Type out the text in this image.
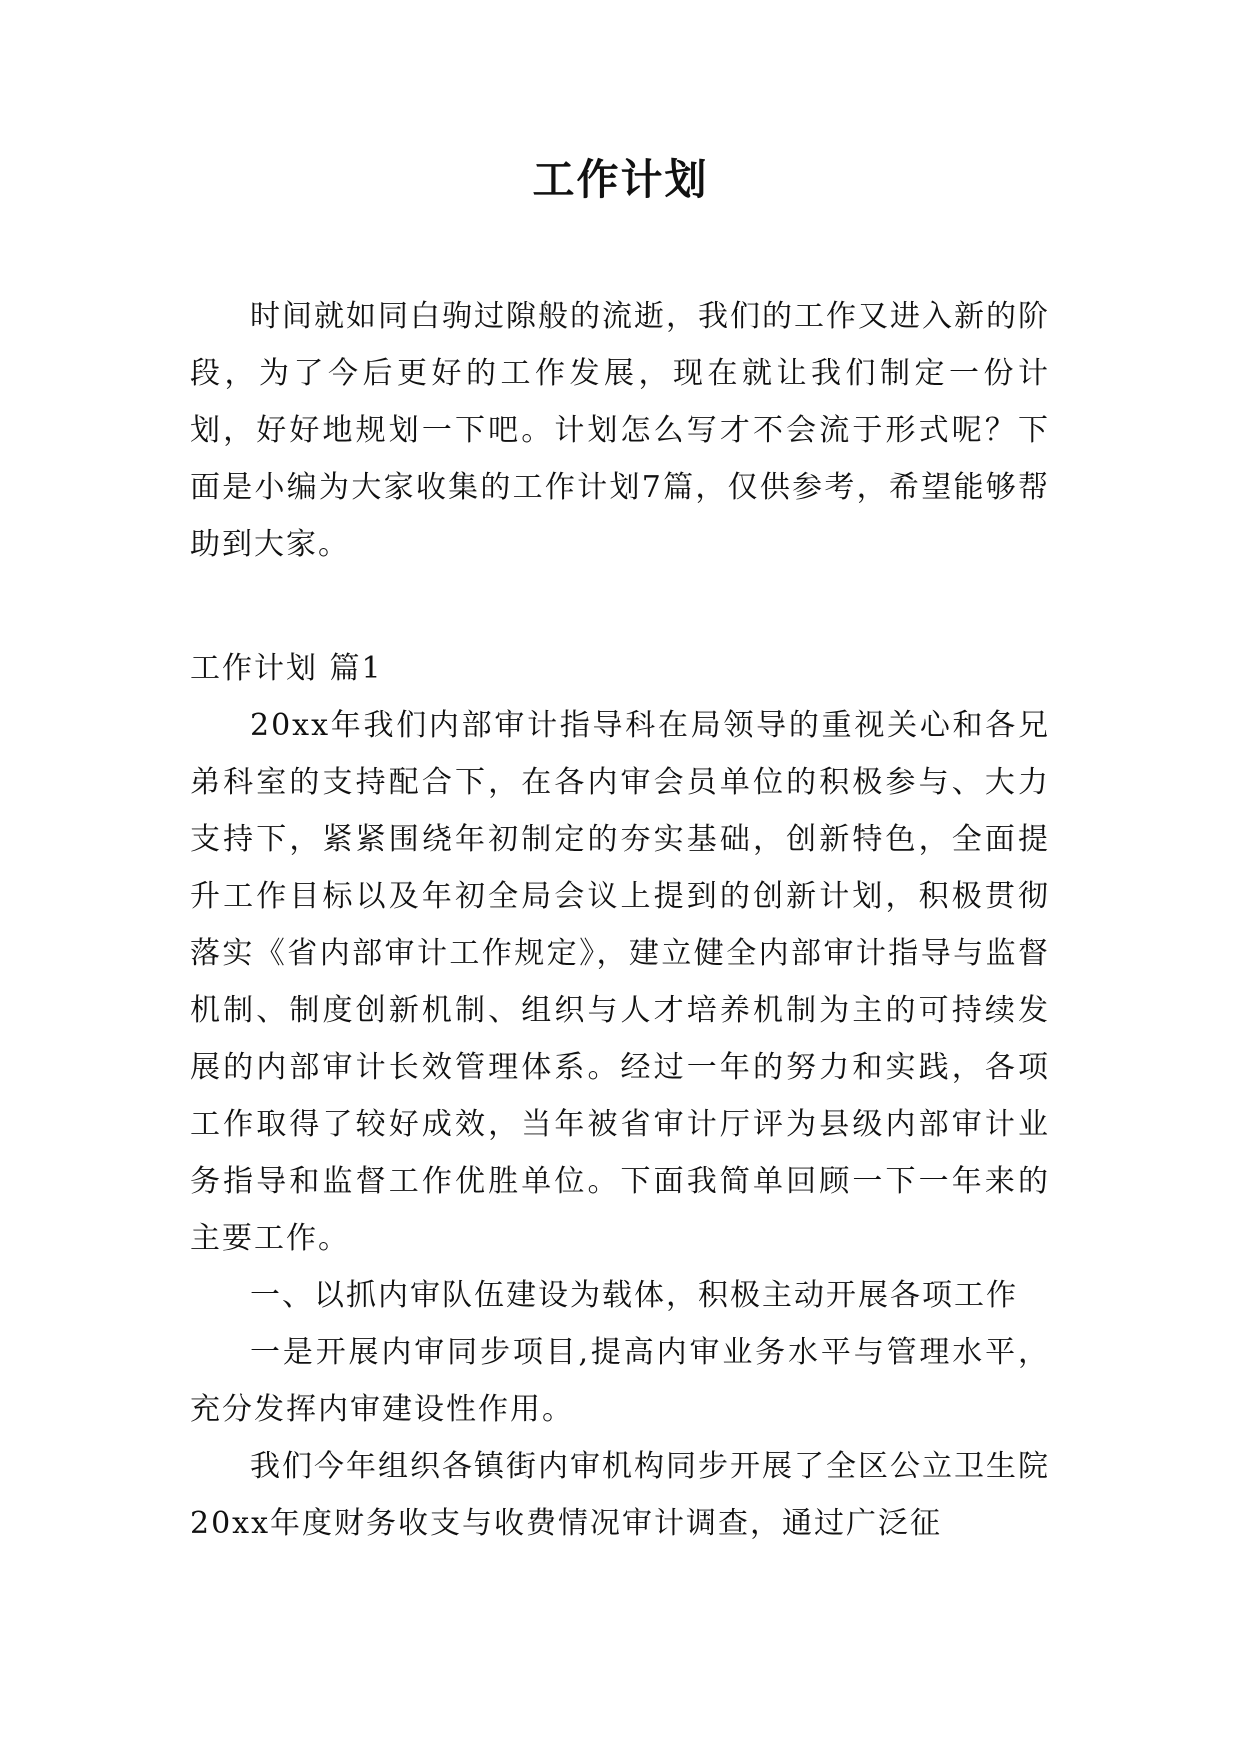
工作计划

时间就如同白驹过隙般的流逝，我们的工作又进入新的阶段，为了今后更好的工作发展，现在就让我们制定一份计划，好好地规划一下吧。计划怎么写才不会流于形式呢？下面是小编为大家收集的工作计划7篇，仅供参考，希望能够帮助到大家。

工作计划 篇1

20xx年我们内部审计指导科在局领导的重视关心和各兄弟科室的支持配合下，在各内审会员单位的积极参与、大力支持下，紧紧围绕年初制定的夯实基础，创新特色，全面提升工作目标以及年初全局会议上提到的创新计划，积极贯彻落实《省内部审计工作规定》，建立健全内部审计指导与监督机制、制度创新机制、组织与人才培养机制为主的可持续发展的内部审计长效管理体系。经过一年的努力和实践，各项工作取得了较好成效，当年被省审计厅评为县级内部审计业务指导和监督工作优胜单位。下面我简单回顾一下一年来的主要工作。

一、以抓内审队伍建设为载体，积极主动开展各项工作

一是开展内审同步项目,提高内审业务水平与管理水平，充分发挥内审建设性作用。

我们今年组织各镇街内审机构同步开展了全区公立卫生院20xx年度财务收支与收费情况审计调查，通过广泛征
